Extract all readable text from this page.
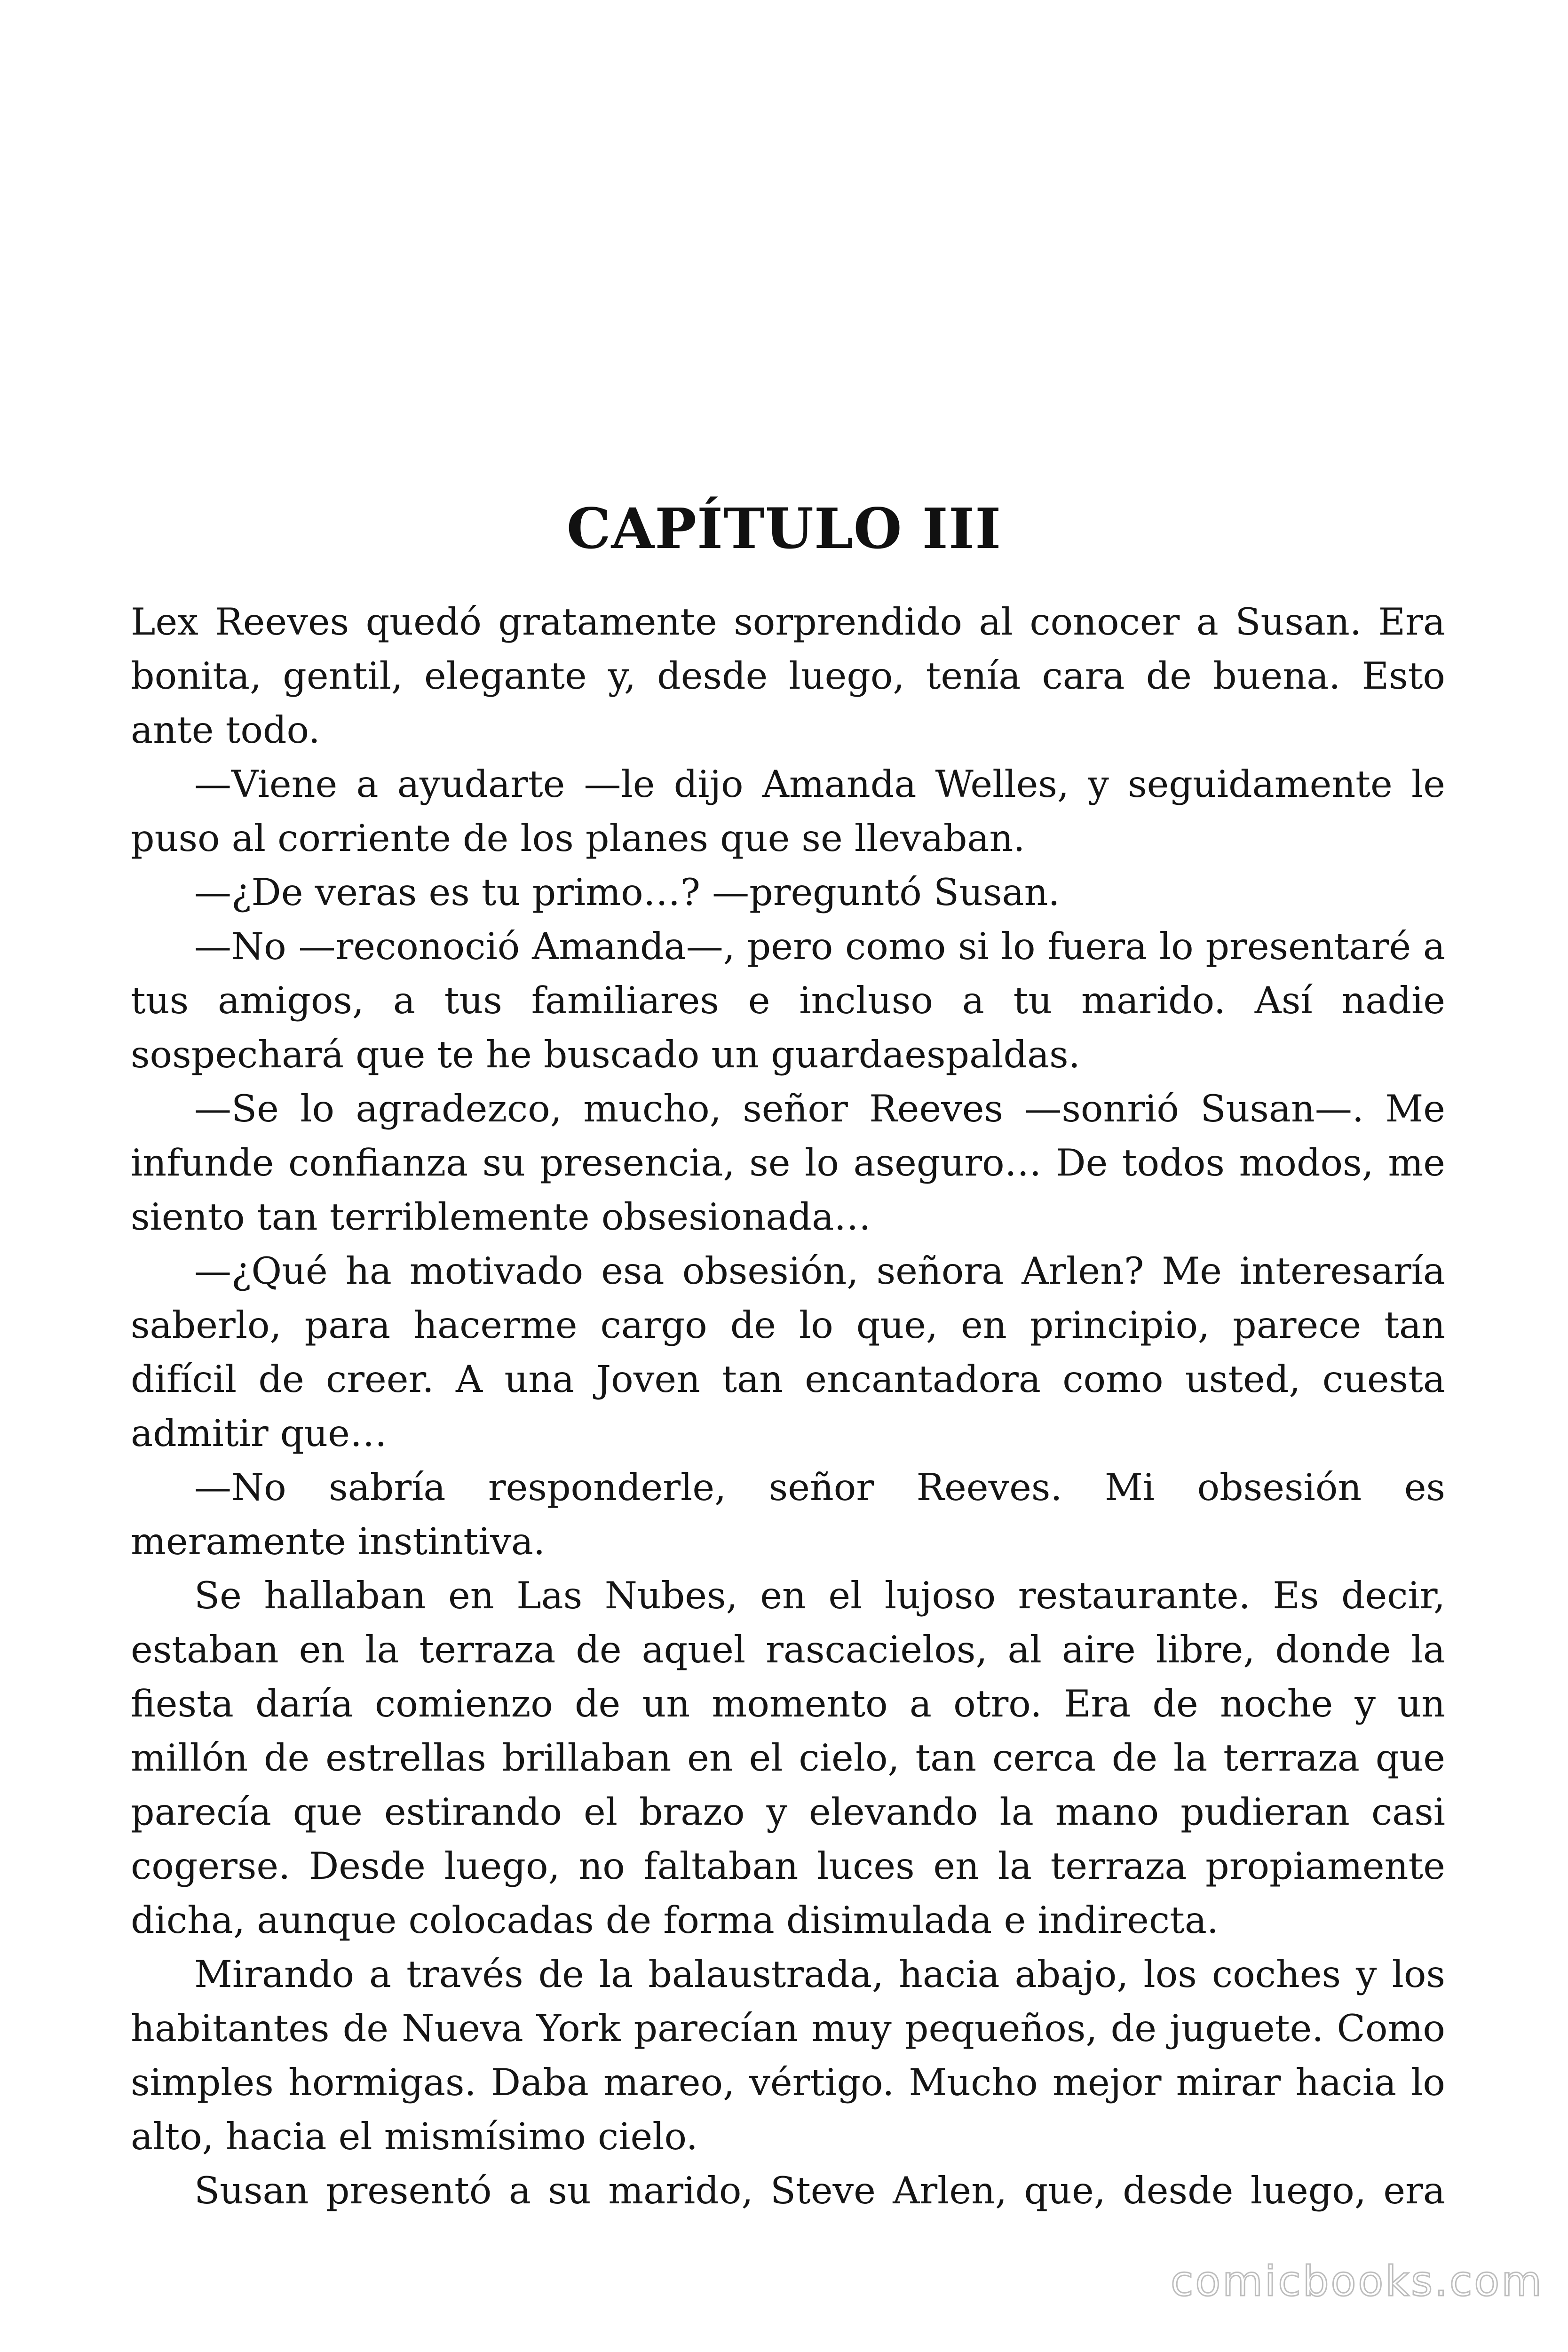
CAPÍTULO III

Lex Reeves quedó gratamente sorprendido al conocer a Susan. Era bonita, gentil, elegante y, desde luego, tenía cara de buena. Esto ante todo.

—Viene a ayudarte —le dijo Amanda Welles, y seguidamente le puso al corriente de los planes que se llevaban.

—¿De veras es tu primo…? —preguntó Susan.

—No —reconoció Amanda—, pero como si lo fuera lo presentaré a tus amigos, a tus familiares e incluso a tu marido. Así nadie sospechará que te he buscado un guardaespaldas.

—Se lo agradezco, mucho, señor Reeves —sonrió Susan—. Me infunde confianza su presencia, se lo aseguro… De todos modos, me siento tan terriblemente obsesionada…

—¿Qué ha motivado esa obsesión, señora Arlen? Me interesaría saberlo, para hacerme cargo de lo que, en principio, parece tan difícil de creer. A una Joven tan encantadora como usted, cuesta admitir que…

—No sabría responderle, señor Reeves. Mi obsesión es meramente instintiva.

Se hallaban en Las Nubes, en el lujoso restaurante. Es decir, estaban en la terraza de aquel rascacielos, al aire libre, donde la fiesta daría comienzo de un momento a otro. Era de noche y un millón de estrellas brillaban en el cielo, tan cerca de la terraza que parecía que estirando el brazo y elevando la mano pudieran casi cogerse. Desde luego, no faltaban luces en la terraza propiamente dicha, aunque colocadas de forma disimulada e indirecta.

Mirando a través de la balaustrada, hacia abajo, los coches y los habitantes de Nueva York parecían muy pequeños, de juguete. Como simples hormigas. Daba mareo, vértigo. Mucho mejor mirar hacia lo alto, hacia el mismísimo cielo.

Susan presentó a su marido, Steve Arlen, que, desde luego, era

comicbooks.com
